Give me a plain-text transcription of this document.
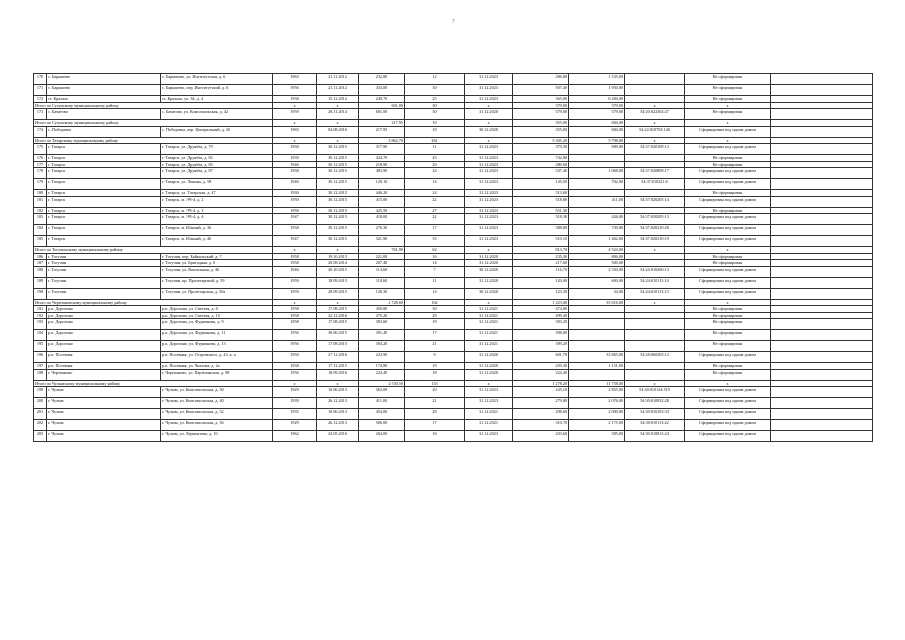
7
170	с. Барышево	с. Барышево, ул. Институтская, д. 6	1963	21.11.2012	232,80	12	31.12.2023	286,80	1 535,00		Не сформирован	
171	с. Барышево	с. Барышево, пер. Институтский, д. 6	1956	21.11.2012	433,00	30	31.12.2023	507,40	1 950,00		Не сформирован	
172	ст. Крахаль	ст. Крахаль, ул. 34, д. 4	1938	15.12.2012	249,70	25	31.12.2023	365,00	6 284,00		Не сформирован	
Итого по Сузунскому муниципальному району			x	x	601,00	30	x	379,00	379,00	x	x	
173	с. Бачатово	с. Бачатово, ул. Комсомольская, д. 42	1959	28.11.2014	601,00	30	31.12.2020	379,00	379,00	54:20:022302:27	Не сформирован	
Итого по Сузунскому муниципальному району			x	x	217,95	10	x	355,00	684,00	x	x	
174	с. Победовка	с. Победовка, пер. Центральный, д. 2б	1965	04.08.2016	217,95	10	30.12.2020	355,00	684,00	54:22:010703:140	Сформирован под одним домом	
Итого по Татарскому муниципальному району			x	x	3 862,70	261	x	5 305,20	5 798,00	x	x	
175	г. Татарск	г. Татарск, ул. Дружбы, д. 79	1930	30.12.2015	317,90	11	31.12.2023	379,50	909,00	54:37:020109:13	Сформирован под одним домом	
176	г. Татарск	г. Татарск, ул. Дружбы, д. 82	1939	30.12.2015	424,70	45	31.12.2023	742,80			Не сформирован	
177	г. Татарск	г. Татарск, ул. Дружбы, д. 85	1946	30.12.2015	218,90	20	31.12.2023	280,60			Не сформирован	
178	г. Татарск	г. Татарск, ул. Дружбы, д. 87	1938	30.12.2015	483,90	24	31.12.2023	547,40	1 068,00	54:37:020808:17	Сформирован под одним домом	
179	г. Татарск	г. Татарск, ул. Ленина, д. 58	1940	30.12.2015	129,10	14	31.12.2023	145,50	702,00	54:37:010221:6	Сформирован под одним домом	
180	г. Татарск	г. Татарск, ул. Татарская, д. 47	1930	30.12.2015	446,20	24	31.12.2023	513,60			Не сформирован	
181	г. Татарск	г. Татарск, м. ЭЧ-4, д. 2	1950	30.12.2015	415,00	22	31.12.2023	518,80	411,00	54:37:020205:14	Сформирован под одним домом	
182	г. Татарск	г. Татарск, м. ЭЧ-4, д. 3	1950	30.12.2015	425,50	27	31.12.2023	531,30			Не сформирован	
183	г. Татарск	г. Татарск, м. ЭЧ-4, д. 4	1947	30.12.2015	418,00	22	31.12.2023	518,30	426,00	54:37:020205:13	Сформирован под одним домом	
184	г. Татарск	г. Татарск, м. Южный, д. 36	1938	30.12.2015	276,30	17	31.12.2023	388,80	730,00	54:37:020210:20	Сформирован под одним домом	
185	г. Татарск	г. Татарск, м. Южный, д. 46	1947	30.12.2015	321,90	35	31.12.2023	510,10	1 462,00	54:37:020210:19	Сформирован под одним домом	
Итого по Тогучинскому муниципальному району			x	x	761,90	62	x	813,70	4 524,00	x	x	
186	г. Тогучин	г. Тогучин, пер. Байкальский, д. 7	1958	19.10.2015	221,00	16	31.12.2020	235,30	806,00		Не сформирован	
187	г. Тогучин	г. Тогучин, ул. Бригадная, д. 6	1958	20.08.2014	207,40	14	31.12.2020	217,60	500,00		Не сформирован	
188	г. Тогучин	г. Тогучин, ул. Вокзальная, д. 46	1946	20.10.2015	114,60	7	30.12.2020	116,70	2 550,00	54:24:010260:13	Сформирован под одним домом	
189	г. Тогучин	г. Тогучин, пр. Пролетарский, д. 59	1959	18.09.2015	118,60	11	31.12.2020	120,00	600,00	54:24:010113:14	Сформирован под одним домом	
190	г. Тогучин	г. Тогучин, ул. Пролетарская, д. 50а	1959	28.09.2015	120,30	14	30.12.2020	123,30	34,00	54:24:010113:13	Сформирован под одним домом	
Итого по Черепановскому муниципальному району			x	x	2 728,60	162	x	1 223,00	35 016,00	x	x	
191	р.п. Дорогино	р.п. Дорогино, ул. Светлая, д. 6	1958	17.08.2015	450,80	30	31.12.2021	474,80			Не сформирован	
192	р.п. Дорогино	р.п. Дорогино, ул. Светлая, д. 10	1958	22.12.2016	475,20	29	31.12.2021	499,40			Не сформирован	
193	р.п. Дорогино	р.п. Дорогино, ул. Фурманова, д. 9	1958	17.08.2015	393,60	19	31.12.2021	393,20			Не сформирован	
194	р.п. Дорогино	р.п. Дорогино, ул. Фурманова, д. 11	1956	30.06.2015	391,40	17	31.12.2021	398,00			Не сформирован	
195	р.п. Дорогино	р.п. Дорогино, ул. Фурманова, д. 13	1956	17.08.2015	394,20	21	31.12.2021	399,20			Не сформирован	
196	р.п. Посевная	р.п. Посевная, ул. Островского, д. 43, к. а	1950	27.12.2016	223,90	9	31.12.2020	601,70	33 865,00	54:28:060205:12	Сформирован под одним домом	
197	р.п. Посевная	р.п. Посевная, ул. Чкалова, д. 2а	1938	17.12.2015	174,80	19	31.12.2020	250,30	1 151,00		Не сформирован	
198	г. Черепаново	г. Черепаново, ул. Партизанская, д. 98	1956	18.09.2016	224,40	18	31.12.2020	224,40			Не сформирован	
Итого по Чулымскому муниципальному району			x	x	2 530,50	133	x	1 278,20	11 758,00	x	x	
199	г. Чулым	г. Чулым, ул. Комсомольская, д. 30	1929	10.06.2013	363,00	20	31.12.2023	245,10	2 855,00	54:30:010124:519	Сформирован под одним домом	
200	г. Чулым	г. Чулым, ул. Комсомольская, д. 40	1939	26.12.2013	411,00	21	31.12.2023	279,80	2 076,00	54:30:010032:28	Сформирован под одним домом	
201	г. Чулым	г. Чулым, ул. Комсомольская, д. 52	1935	10.06.2013	454,00	28	31.12.2021	298,60	2 000,00	54:30:010103:33	Сформирован под одним домом	
202	г. Чулым	г. Чулым, ул. Комсомольская, д. 56	1929	26.12.2013	506,00	17	31.12.2021	310,70	2 175,00	54:30:010113:22	Сформирован под одним домом	
203	г. Чулым	г. Чулым, ул. Лермонтова, д. 10	1962	24.05.2016	264,00	16	31.12.2023	203,60	585,00	54:30:010813:24	Сформирован под одним домом	
